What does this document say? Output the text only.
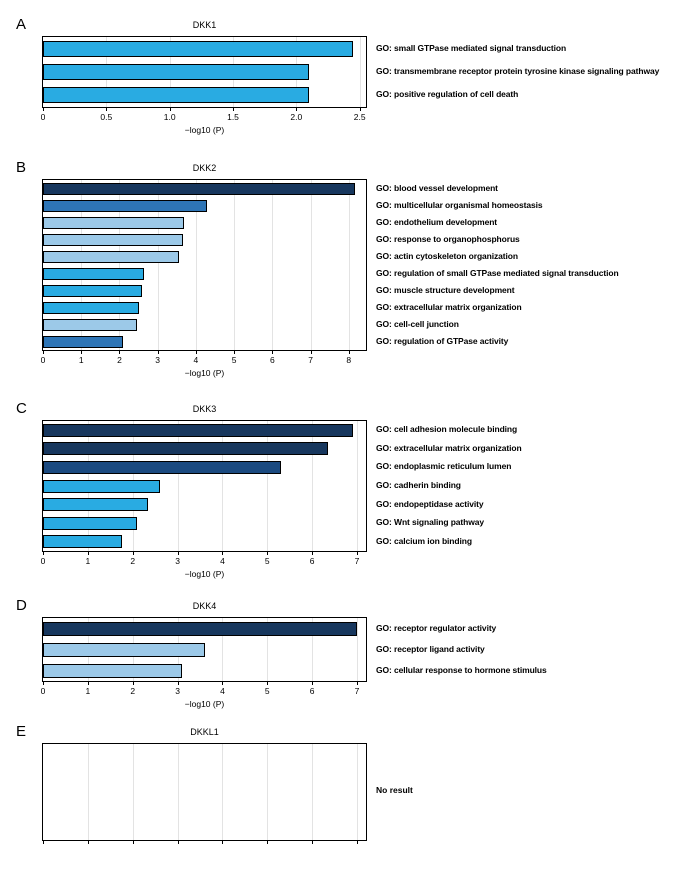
A	DKK1
0	0.5	1.0	1.5	2.0	2.5
−log10 (P)
GO: small GTPase mediated signal transduction
GO: transmembrane receptor protein tyrosine kinase signaling pathway
GO: positive regulation of cell death
B	DKK2
0	1	2	3	4	5	6	7	8
−log10 (P)
GO: blood vessel development
GO: multicellular organismal homeostasis
GO: endothelium development
GO: response to organophosphorus
GO: actin cytoskeleton organization
GO: regulation of small GTPase mediated signal transduction
GO: muscle structure development
GO: extracellular matrix organization
GO: cell-cell junction
GO: regulation of GTPase activity
C	DKK3
0	1	2	3	4	5	6	7
−log10 (P)
GO: cell adhesion molecule binding
GO: extracellular matrix organization
GO: endoplasmic reticulum lumen
GO: cadherin binding
GO: endopeptidase activity
GO: Wnt signaling pathway
GO: calcium ion binding
D	DKK4
0	1	2	3	4	5	6	7
−log10 (P)
GO: receptor regulator activity
GO: receptor ligand activity
GO: cellular response to hormone stimulus
E	DKKL1
No result
